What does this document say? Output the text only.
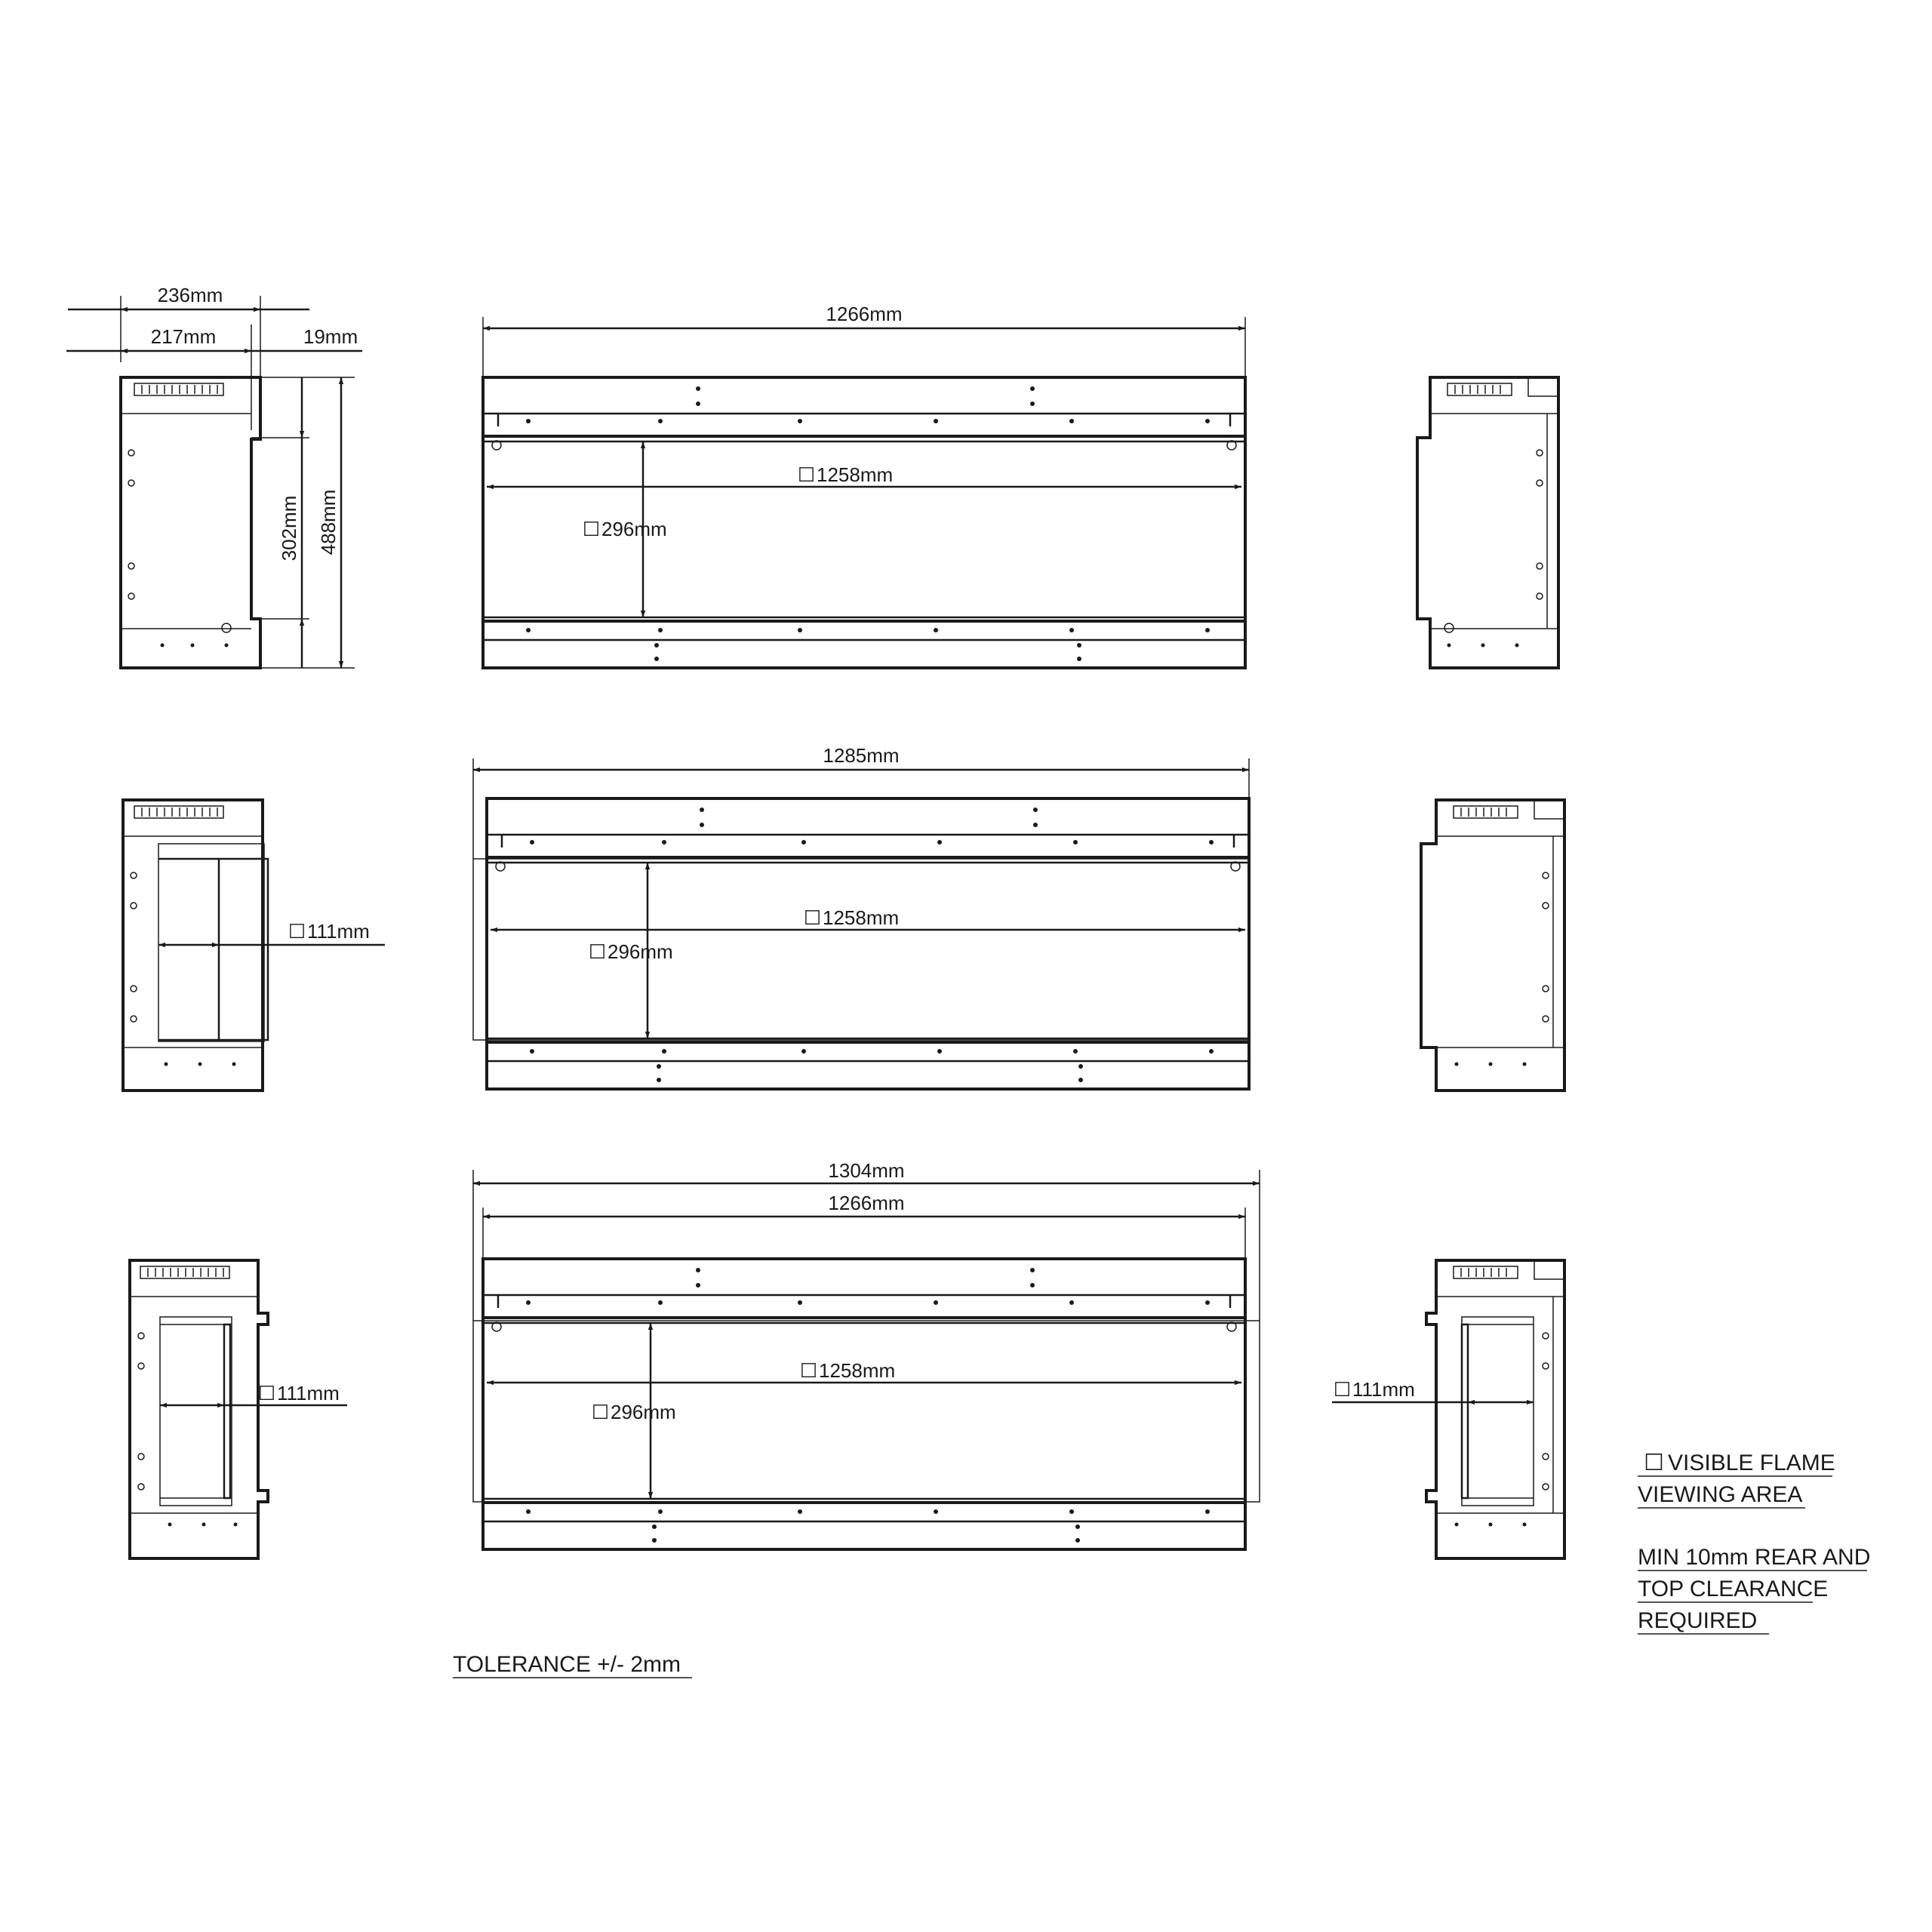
236mm
217mm	19mm
302mm 488mm
1266mm
☐ 1258mm
☐ 296mm
☐ 111mm
1285mm
☐ 1258mm
☐ 296mm
☐ 111mm
1304mm
1266mm
☐ 1258mm
☐ 296mm
☐ 111mm
☐ VISIBLE FLAME
VIEWING AREA
MIN 10mm REAR AND
TOP CLEARANCE
REQUIRED
TOLERANCE +/- 2mm
